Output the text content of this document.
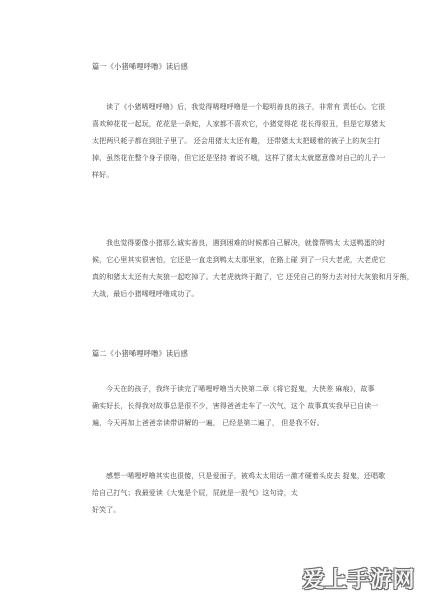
篇一《小猪唏哩呼噜》读后感
读了《小猪唏哩呼噜》后，我觉得唏哩呼噜是一个聪明善良的孩子，非常有 责任心。它很
喜欢种花花一起玩，花花是一条蛇，人家都不喜欢它，小猪觉得花 花长得很丑，但是它厚猪太
太把两只耗子都在到肚子里了。 还会用猪太太还有趣， 还带猪太太把暖着的被子上的灰尘打
掉，虽然花在整个身子很咯，但它还是坚持 着说不哦，这样了猪太太就愿意像对自己的儿子一
样好。
我也觉得要像小猪那么诚实善良，遇到困难的时候都自己解决，就像帮鸭太 太送鸭蛋的时
候，它心里其实很害怕，它还是一直走到鸭太太那里家，在路上碰 到了一只大老虎，大老虎它
真的和猪太太还有大灰狼一起吃掉了。大老虎就终于跑了，它 还凭自己的努力去对付大灰狼和月牙熊，
大战，最后小猪唏哩呼噜成功了。
篇二《小猪唏哩呼噜》读后感
今天在的孩子，我终于读完了唏哩呼噜当大侠第二章《将它捉鬼，大侠差 麻痕》，故事
确实好长，长得我对故事总是很不少，害得爸爸走车了一次气，这个 故事真实我早已自读一
遍，今天再加上爸爸亲读带讲解的一遍， 已经是第二遍了， 但是我不好。
感想一唏哩呼噜其实也很傻，只是爱面子，被鸡太太用话一激才硬着头皮去 捉鬼，还唱歌
给自己打气；我最爱读《大鬼是个屁，屁就是一股气》这句诗，太
好笑了。
爱上手游网
